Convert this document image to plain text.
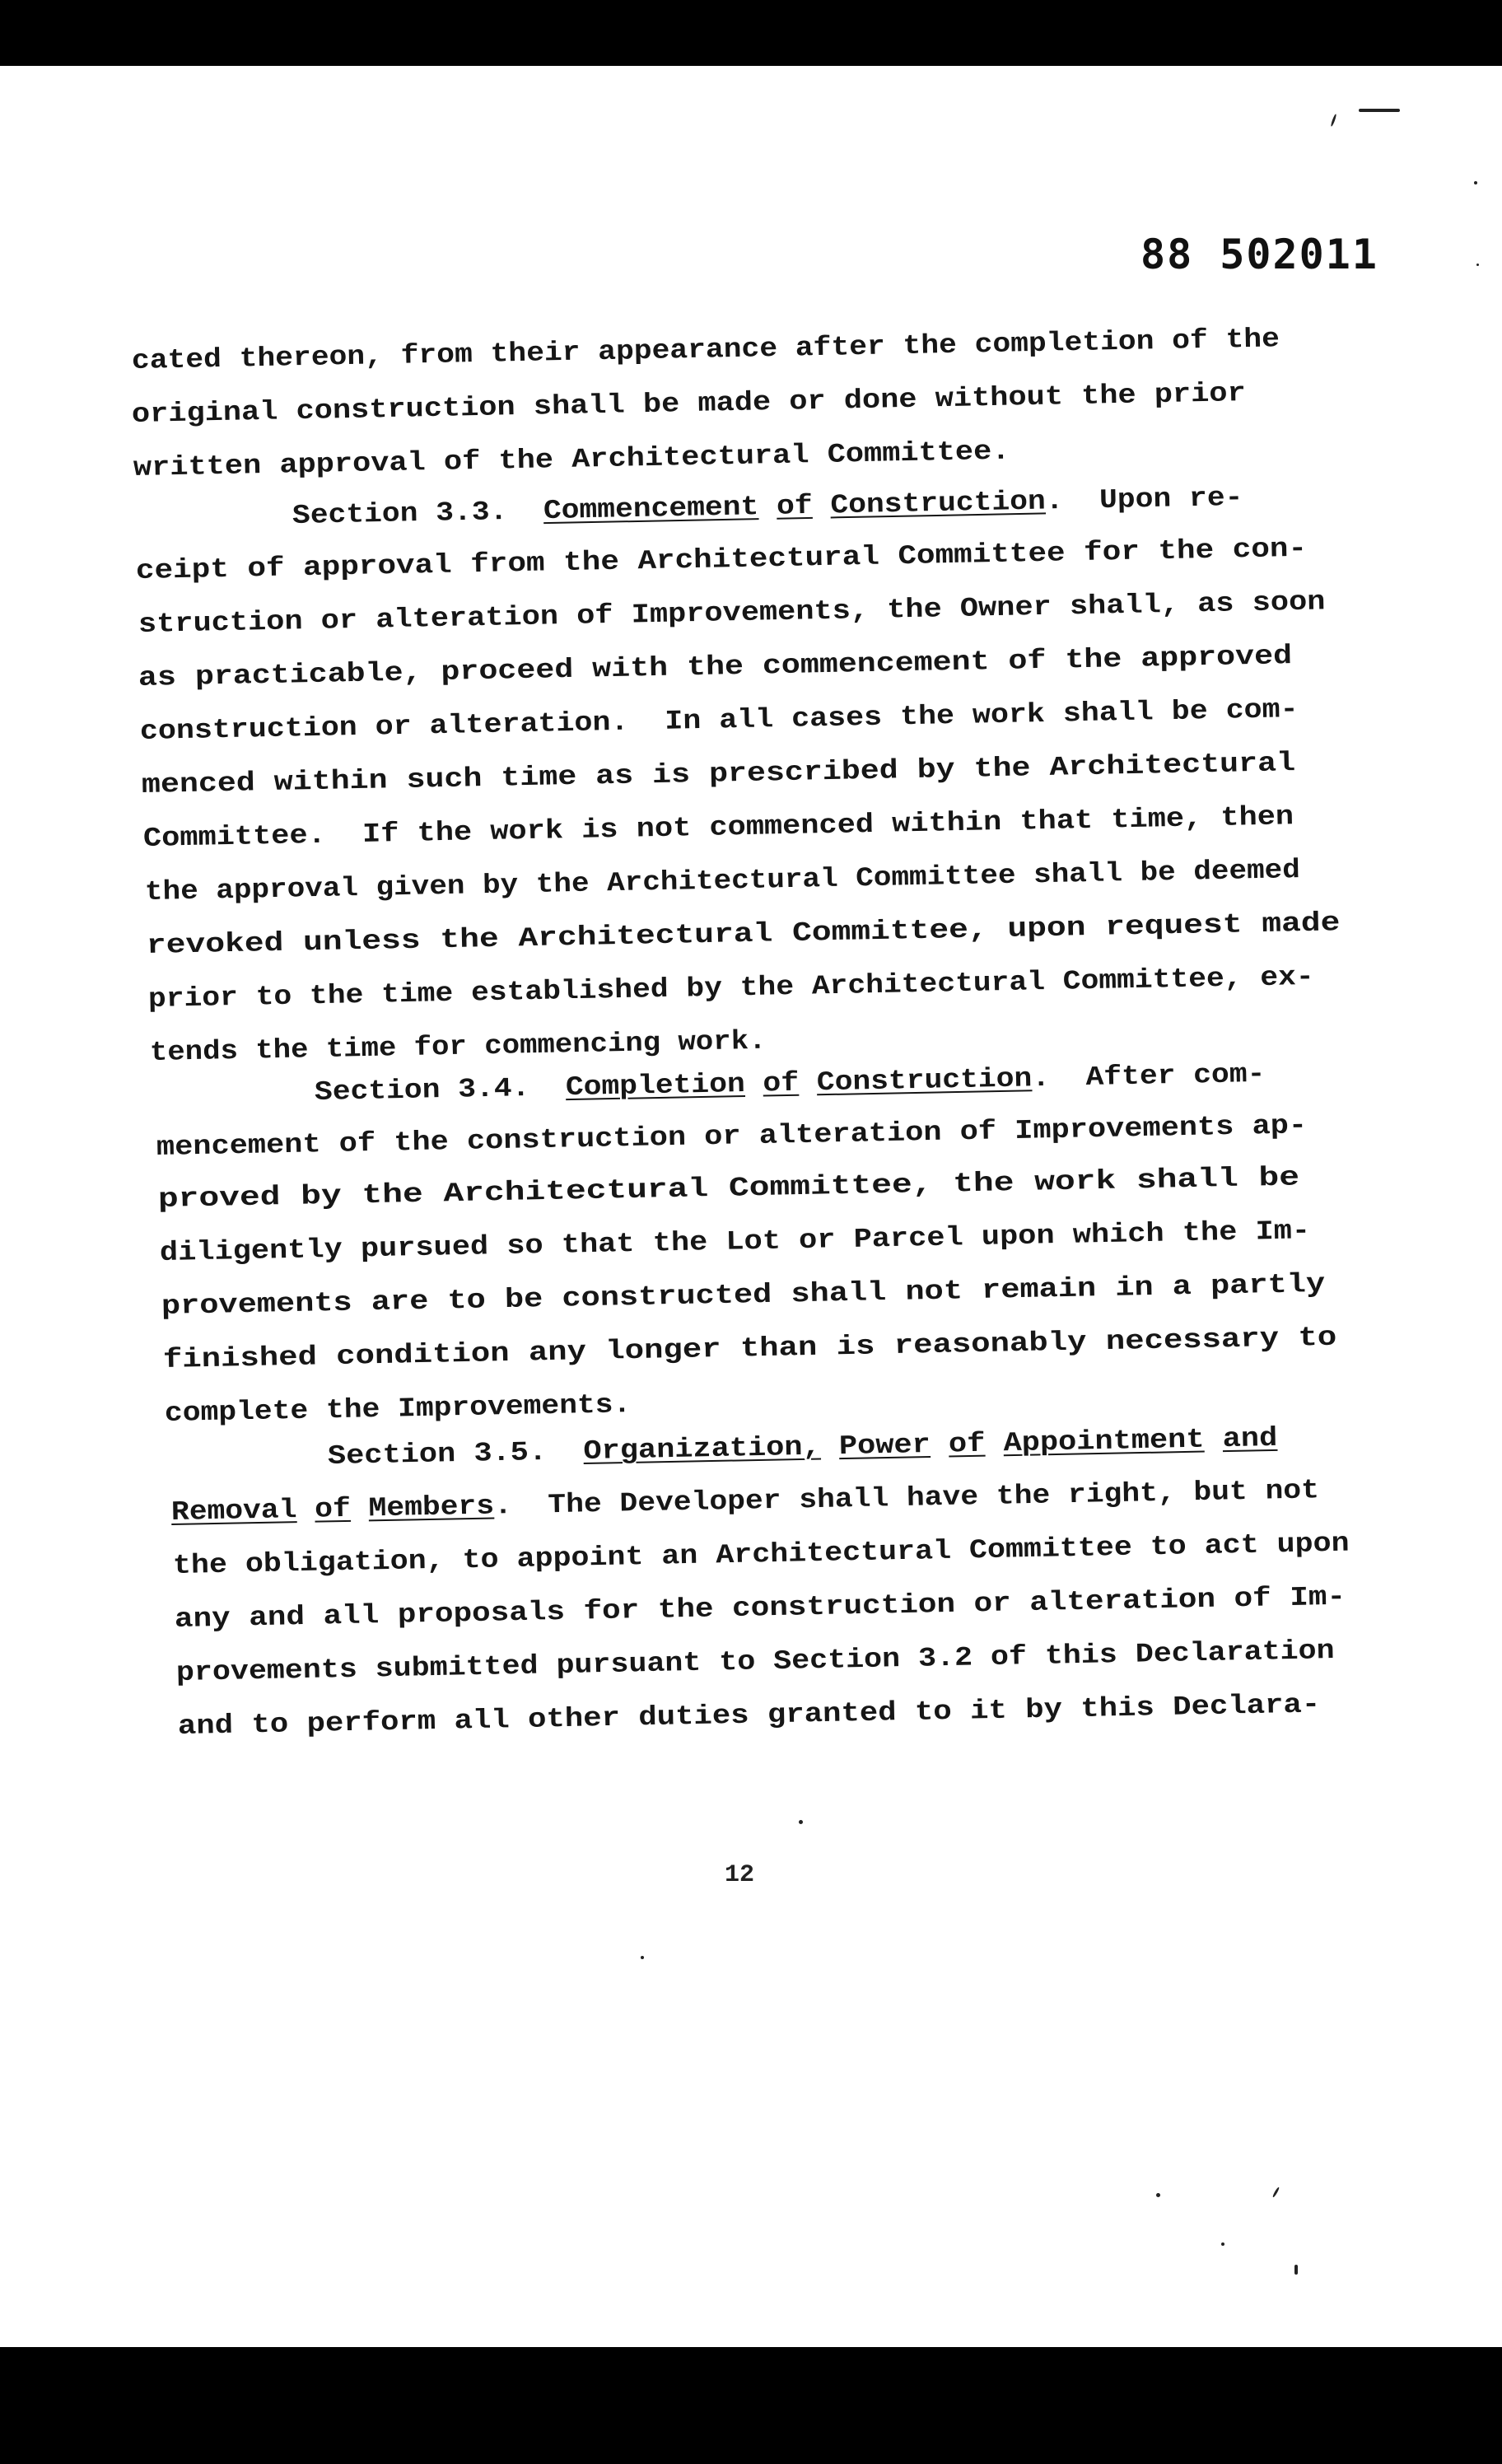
88 502011
cated thereon, from their appearance after the completion of the
original construction shall be made or done without the prior
written approval of the Architectural Committee.
Section 3.3. Commencement of Construction.  Upon re-
ceipt of approval from the Architectural Committee for the con-
struction or alteration of Improvements, the Owner shall, as soon
as practicable, proceed with the commencement of the approved
construction or alteration.  In all cases the work shall be com-
menced within such time as is prescribed by the Architectural
Committee.  If the work is not commenced within that time, then
the approval given by the Architectural Committee shall be deemed
revoked unless the Architectural Committee, upon request made
prior to the time established by the Architectural Committee, ex-
tends the time for commencing work.
Section 3.4. Completion of Construction.  After com-
mencement of the construction or alteration of Improvements ap-
proved by the Architectural Committee, the work shall be
diligently pursued so that the Lot or Parcel upon which the Im-
provements are to be constructed shall not remain in a partly
finished condition any longer than is reasonably necessary to
complete the Improvements.
Section 3.5. Organization, Power of Appointment and
Removal of Members.  The Developer shall have the right, but not
the obligation, to appoint an Architectural Committee to act upon
any and all proposals for the construction or alteration of Im-
provements submitted pursuant to Section 3.2 of this Declaration
and to perform all other duties granted to it by this Declara-
12
